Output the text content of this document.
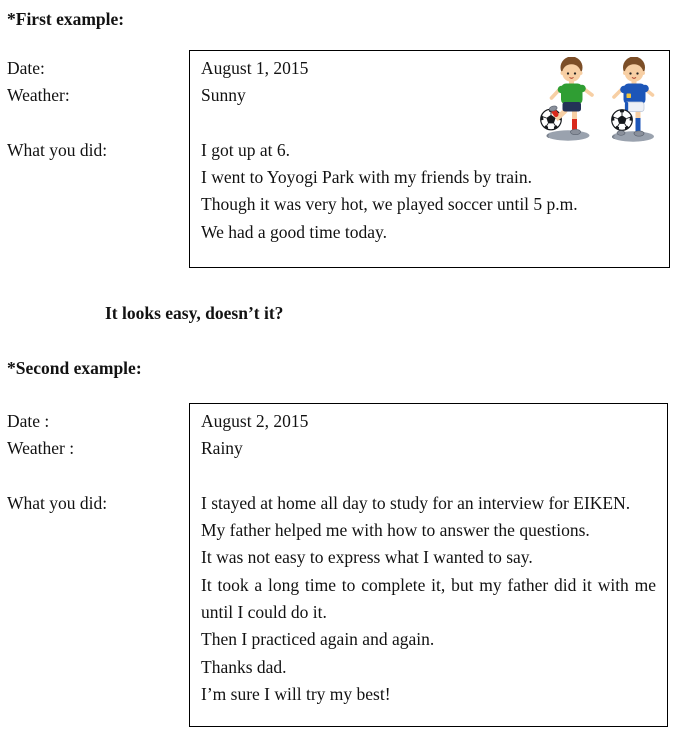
*First example:
Date:
Weather:
What you did:
August 1, 2015
Sunny

I got up at 6.

I went to Yoyogi Park with my friends by train.

Though it was very hot, we played soccer until 5 p.m.

We had a good time today.

It looks easy, doesn’t it?
*Second example:
Date :
Weather :
What you did:
August 2, 2015
Rainy

I stayed at home all day to study for an interview for EIKEN.

My father helped me with how to answer the questions.

It was not easy to express what I wanted to say.

It took a long time to complete it, but my father did it with me until I could do it.

Then I practiced again and again.

Thanks dad.

I’m sure I will try my best!
